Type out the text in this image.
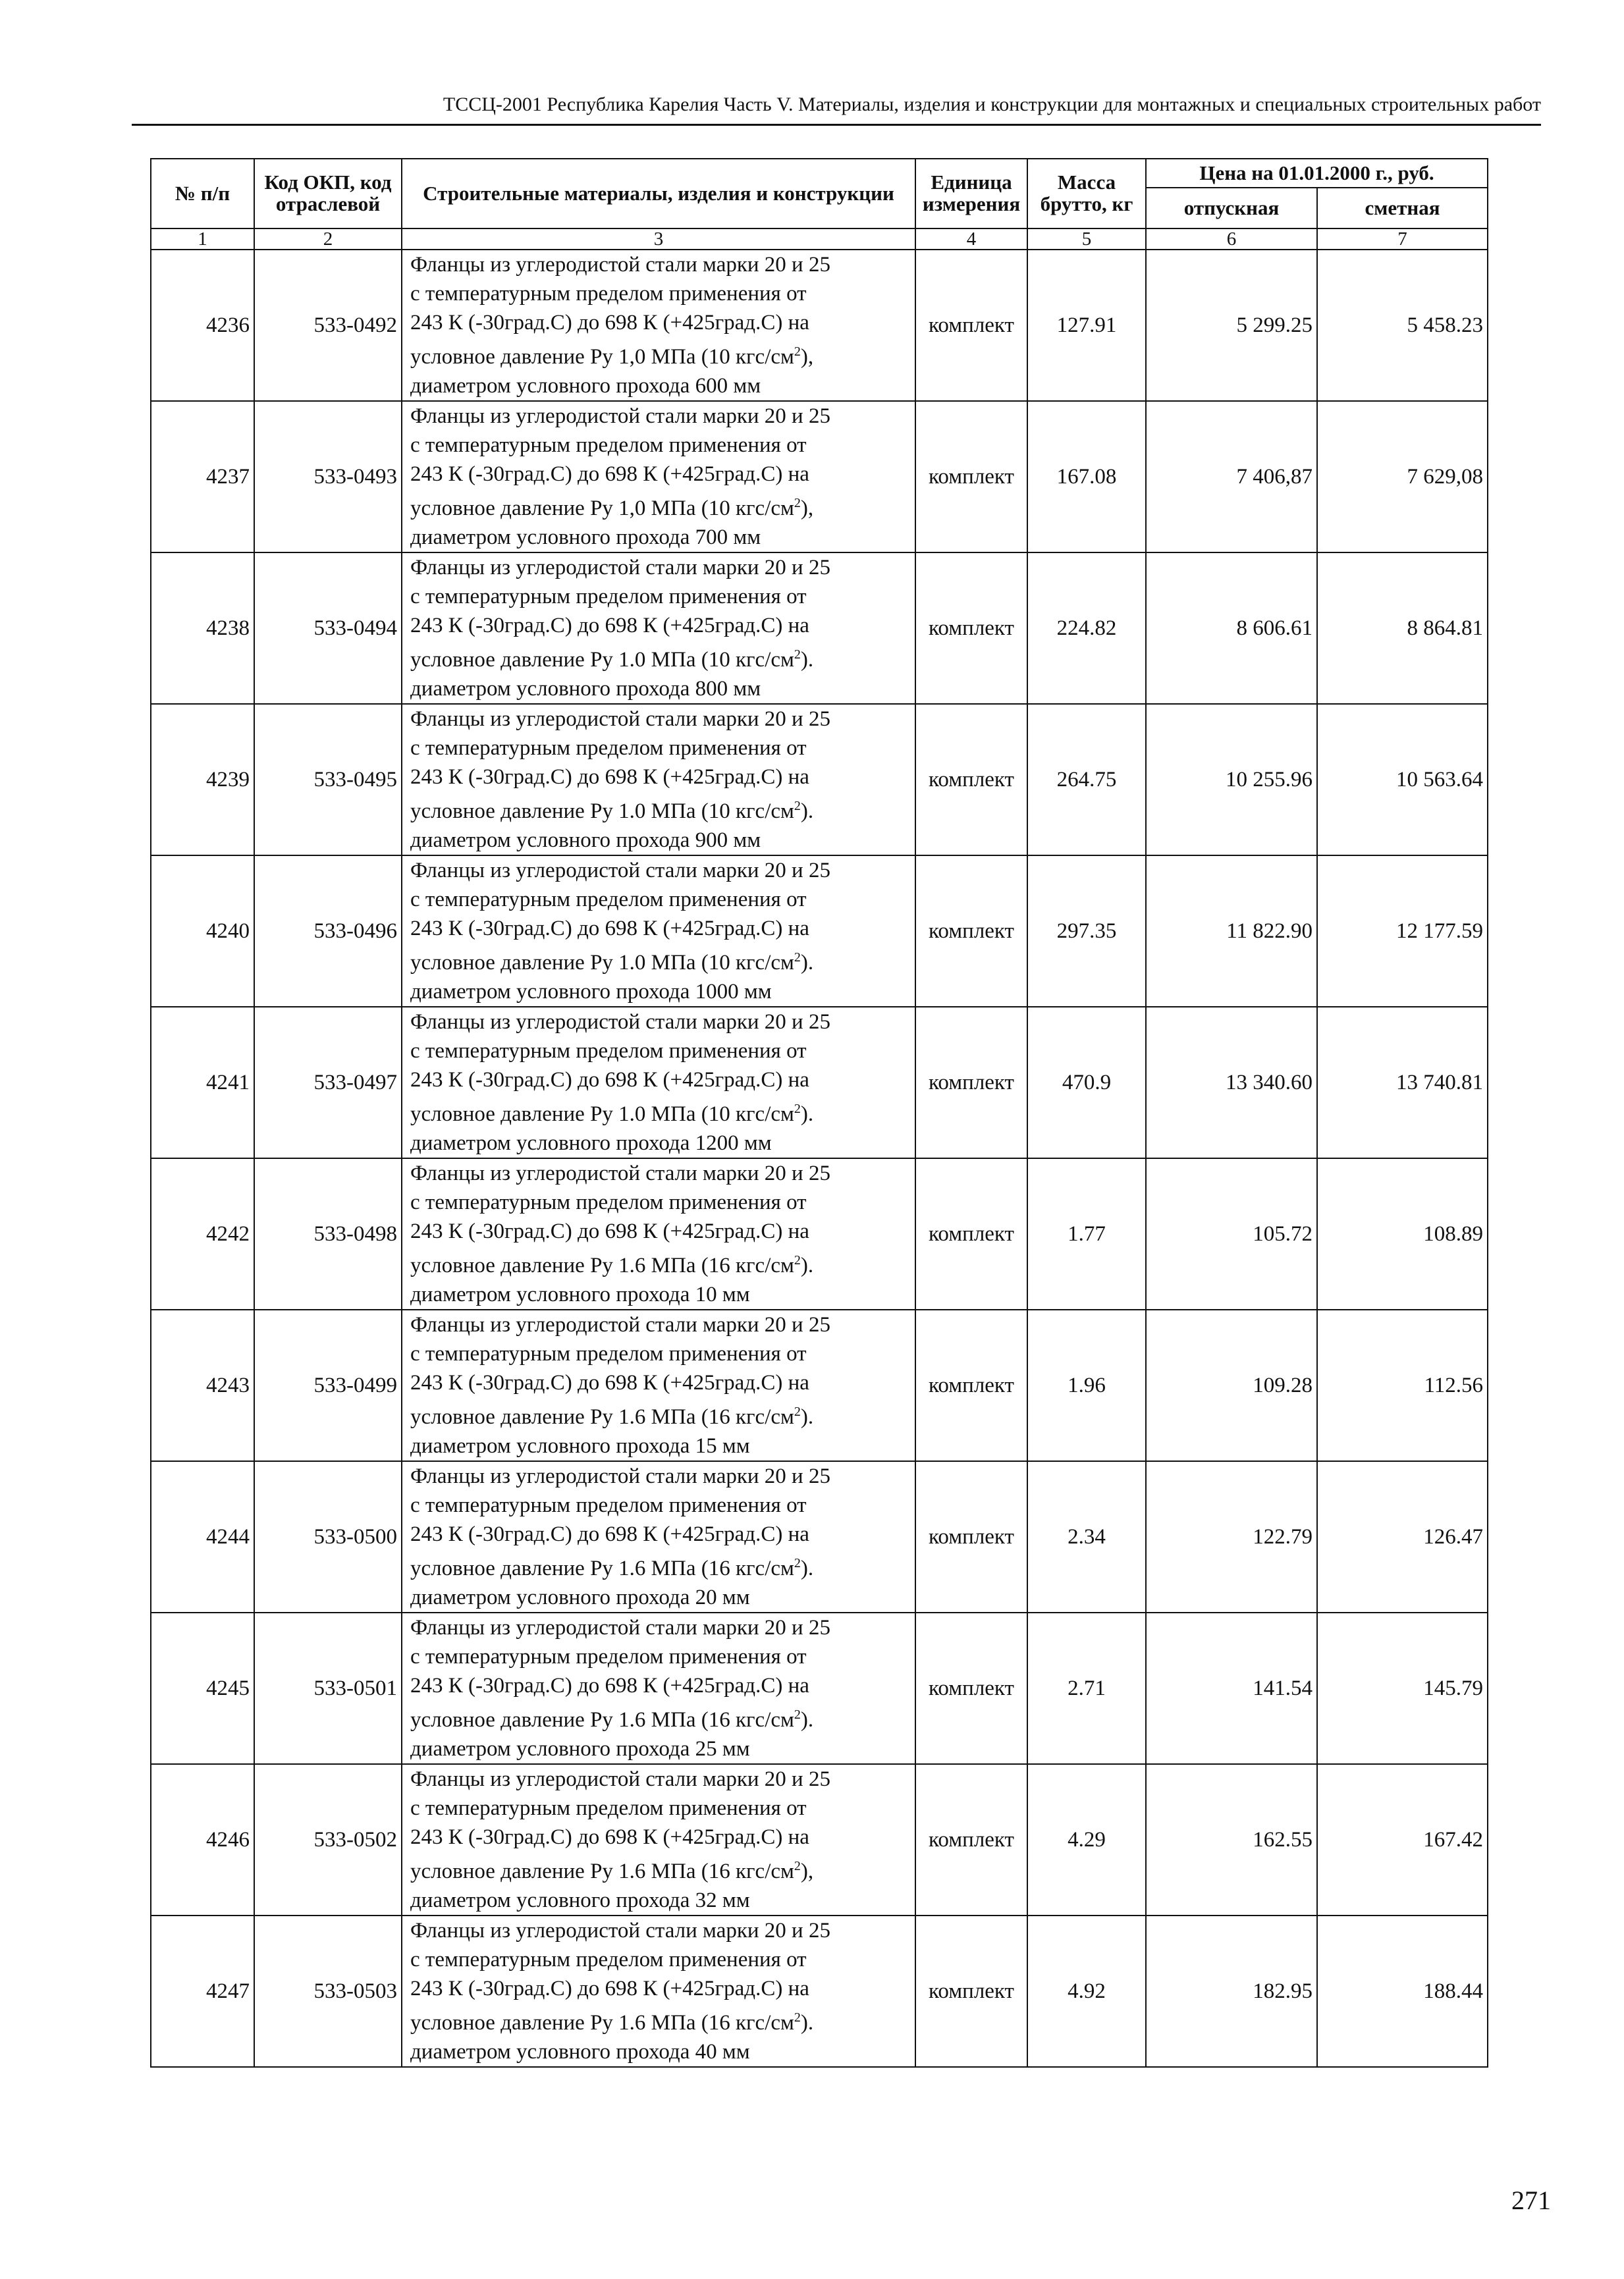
ТССЦ-2001 Республика Карелия Часть V. Материалы, изделия и конструкции для монтажных и специальных строительных работ
№ п/п	Код ОКП, код отраслевой	Строительные материалы, изделия и конструкции	Единица измерения	Масса брутто, кг	Цена на 01.01.2000 г., руб.	
					отпускная	сметная
1	2	3	4	5	6	7
4236	533-0492	Фланцы из углеродистой стали марки 20 и 25
с температурным пределом применения от
243 К (-30град.С) до 698 К (+425град.С) на
условное давление Ру 1,0 МПа (10 кгс/$см^2$),
диаметром условного прохода 600 мм	комплект	127.91	5 299.25	5 458.23
4237	533-0493	Фланцы из углеродистой стали марки 20 и 25
с температурным пределом применения от
243 К (-30град.С) до 698 К (+425град.С) на
условное давление Ру 1,0 МПа (10 кгс/$см^2$),
диаметром условного прохода 700 мм	комплект	167.08	7 406,87	7 629,08
4238	533-0494	Фланцы из углеродистой стали марки 20 и 25
с температурным пределом применения от
243 К (-30град.С) до 698 К (+425град.С) на
условное давление Ру 1.0 МПа (10 кгс/$см^2$).
диаметром условного прохода 800 мм	комплект	224.82	8 606.61	8 864.81
4239	533-0495	Фланцы из углеродистой стали марки 20 и 25
с температурным пределом применения от
243 К (-30град.С) до 698 К (+425град.С) на
условное давление Ру 1.0 МПа (10 кгс/$см^2$).
диаметром условного прохода 900 мм	комплект	264.75	10 255.96	10 563.64
4240	533-0496	Фланцы из углеродистой стали марки 20 и 25
с температурным пределом применения от
243 К (-30град.С) до 698 К (+425град.С) на
условное давление Ру 1.0 МПа (10 кгс/$см^2$).
диаметром условного прохода 1000 мм	комплект	297.35	11 822.90	12 177.59
4241	533-0497	Фланцы из углеродистой стали марки 20 и 25
с температурным пределом применения от
243 К (-30град.С) до 698 К (+425град.С) на
условное давление Ру 1.0 МПа (10 кгс/$см^2$).
диаметром условного прохода 1200 мм	комплект	470.9	13 340.60	13 740.81
4242	533-0498	Фланцы из углеродистой стали марки 20 и 25
с температурным пределом применения от
243 К (-30град.С) до 698 К (+425град.С) на
условное давление Ру 1.6 МПа (16 кгс/$см^2$).
диаметром условного прохода 10 мм	комплект	1.77	105.72	108.89
4243	533-0499	Фланцы из углеродистой стали марки 20 и 25
с температурным пределом применения от
243 К (-30град.С) до 698 К (+425град.С) на
условное давление Ру 1.6 МПа (16 кгс/$см^2$).
диаметром условного прохода 15 мм	комплект	1.96	109.28	112.56
4244	533-0500	Фланцы из углеродистой стали марки 20 и 25
с температурным пределом применения от
243 К (-30град.С) до 698 К (+425град.С) на
условное давление Ру 1.6 МПа (16 кгс/$см^2$).
диаметром условного прохода 20 мм	комплект	2.34	122.79	126.47
4245	533-0501	Фланцы из углеродистой стали марки 20 и 25
с температурным пределом применения от
243 К (-30град.С) до 698 К (+425град.С) на
условное давление Ру 1.6 МПа (16 кгс/$см^2$).
диаметром условного прохода 25 мм	комплект	2.71	141.54	145.79
4246	533-0502	Фланцы из углеродистой стали марки 20 и 25
с температурным пределом применения от
243 К (-30град.С) до 698 К (+425град.С) на
условное давление Ру 1.6 МПа (16 кгс/$см^2$),
диаметром условного прохода 32 мм	комплект	4.29	162.55	167.42
4247	533-0503	Фланцы из углеродистой стали марки 20 и 25
с температурным пределом применения от
243 К (-30град.С) до 698 К (+425град.С) на
условное давление Ру 1.6 МПа (16 кгс/$см^2$).
диаметром условного прохода 40 мм	комплект	4.92	182.95	188.44
271
